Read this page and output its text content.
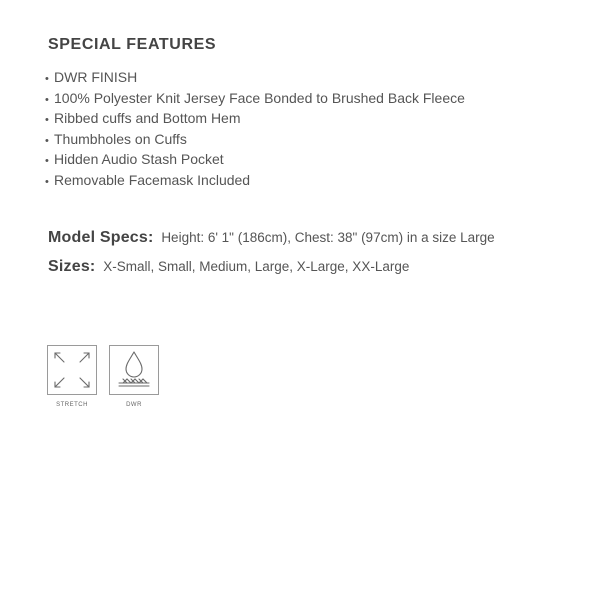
SPECIAL FEATURES
• DWR FINISH
• 100% Polyester Knit Jersey Face Bonded to Brushed Back Fleece
• Ribbed cuffs and Bottom Hem
• Thumbholes on Cuffs
• Hidden Audio Stash Pocket
• Removable Facemask Included

Model Specs: Height: 6' 1" (186cm), Chest: 38" (97cm) in a size Large

Sizes: X-Small, Small, Medium, Large, X-Large, XX-Large

STRETCH	DWR
